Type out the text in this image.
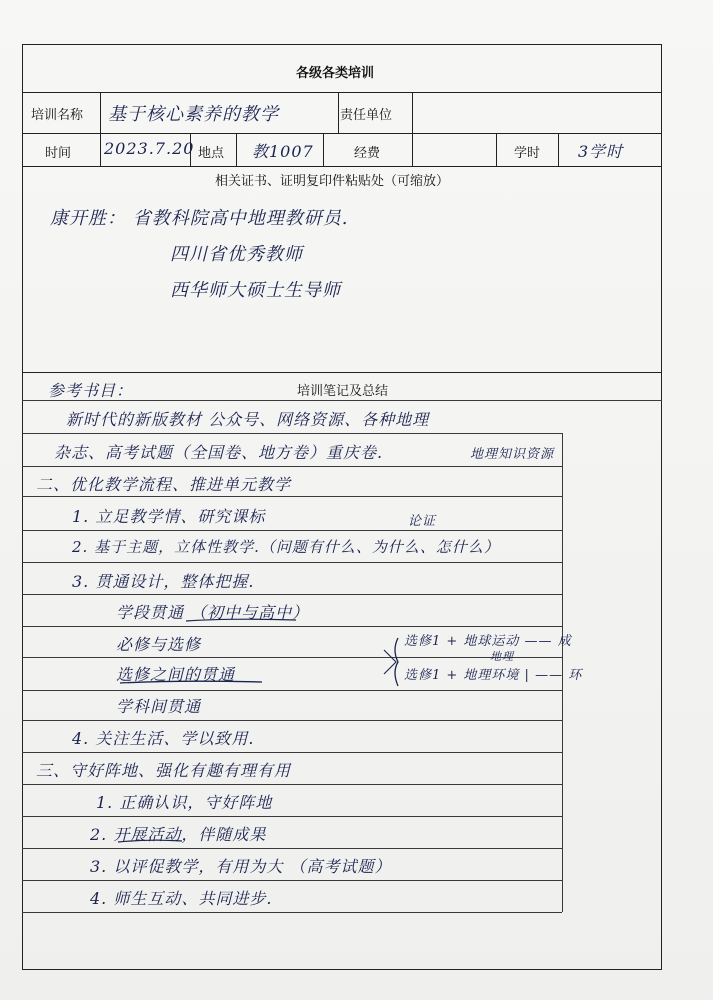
各级各类培训
培训名称 基于核心素养的教学	责任单位
时间 2023.7.20 地点 教1007	经费	学时 3学时
相关证书、证明复印件粘贴处（可缩放）
康开胜： 省教科院高中地理教研员.
四川省优秀教师
西华师大硕士生导师
参考书目：	培训笔记及总结
新时代的新版教材 公众号、网络资源、各种地理
杂志、高考试题（全国卷、地方卷）重庆卷.	地理知识资源
二、优化教学流程、推进单元教学
1. 立足教学情、研究课标	论证
2. 基于主题，立体性教学.（问题有什么、为什么、怎什么）
3. 贯通设计，整体把握.
学段贯通 （初中与高中）
必修与选修	选修1 + 地球运动 —— 成
地理
选修之间的贯通	选修1 + 地理环境 | —— 环
学科间贯通
4. 关注生活、学以致用.
三、守好阵地、强化有趣有理有用
1. 正确认识，守好阵地
2. 开展活动，伴随成果
3. 以评促教学，有用为大 （高考试题）
4. 师生互动、共同进步.
